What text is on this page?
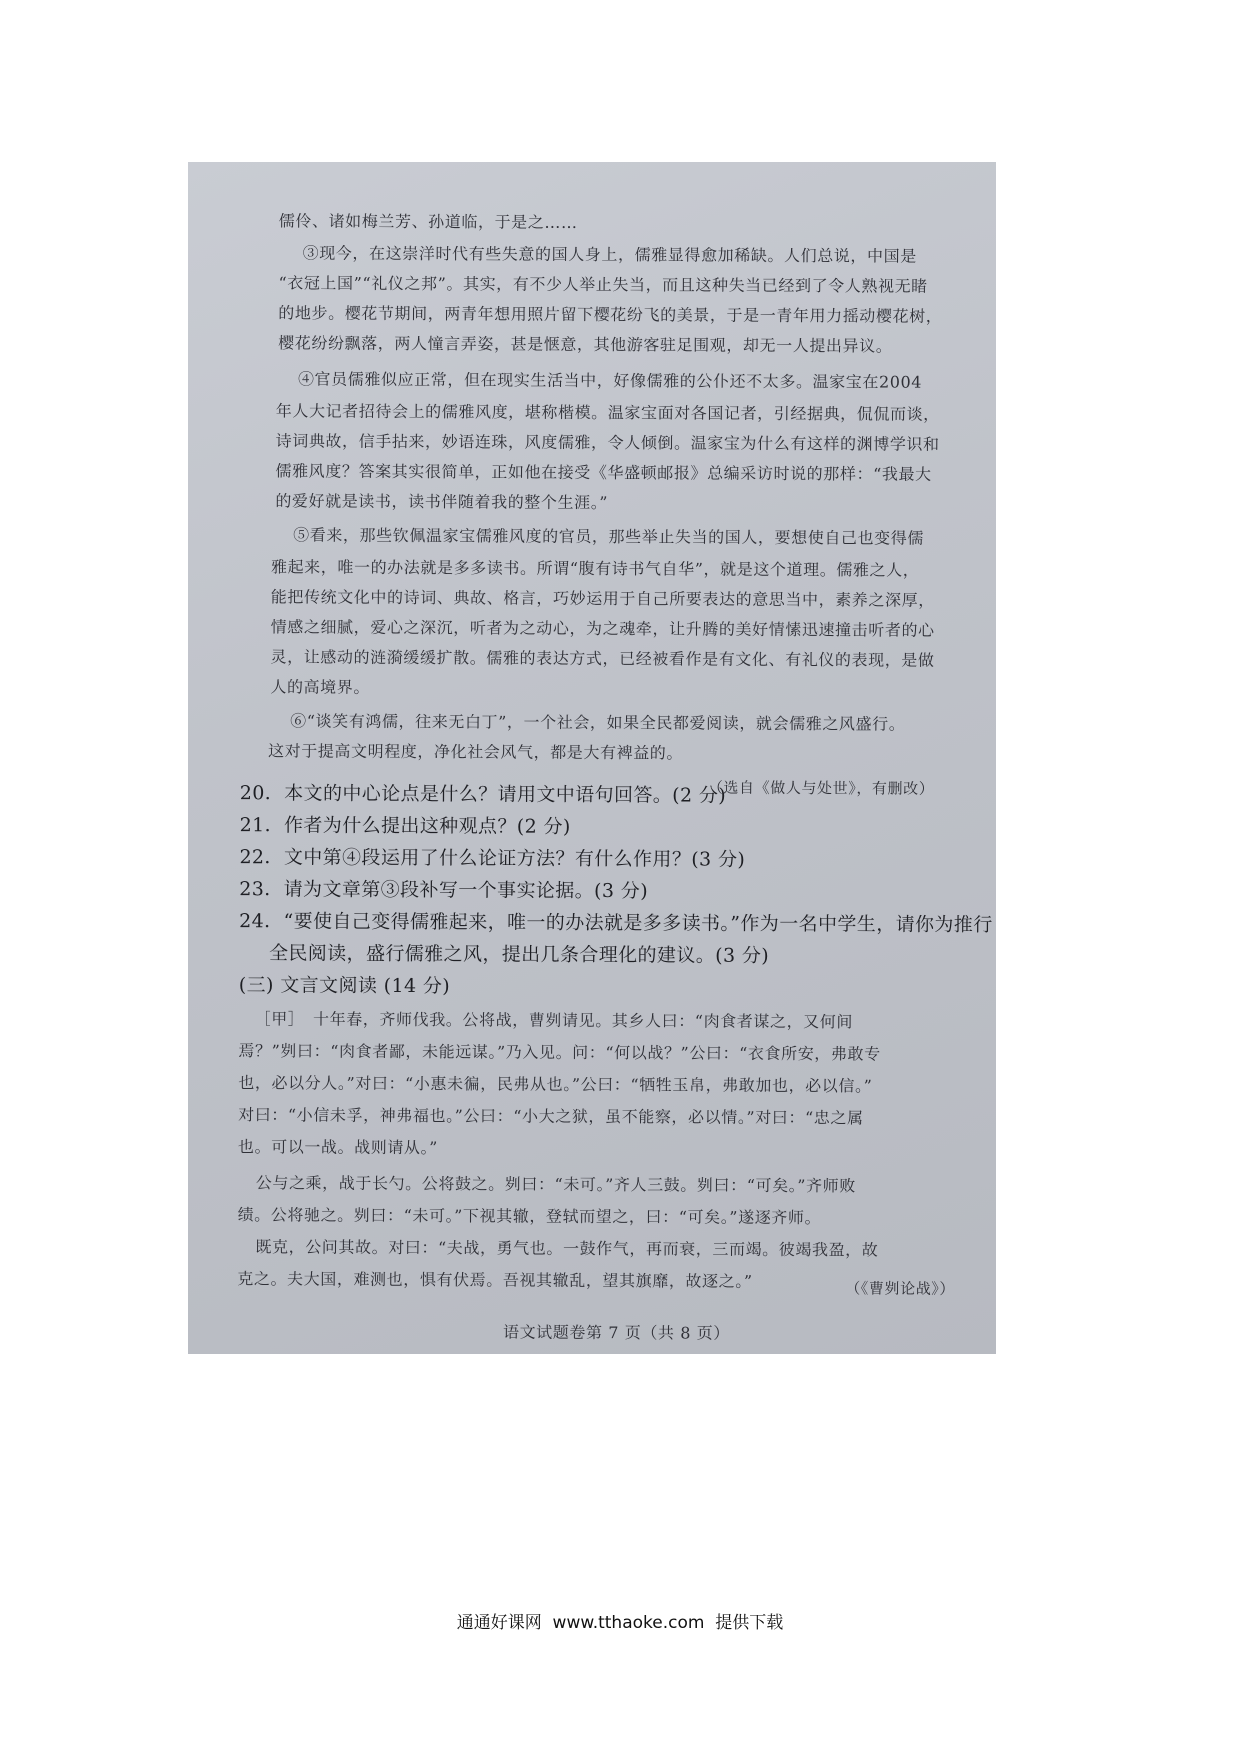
儒伶、诸如梅兰芳、孙道临，于是之……
③现今，在这崇洋时代有些失意的国人身上，儒雅显得愈加稀缺。人们总说，中国是
“衣冠上国”“礼仪之邦”。其实，有不少人举止失当，而且这种失当已经到了令人熟视无睹
的地步。樱花节期间，两青年想用照片留下樱花纷飞的美景，于是一青年用力摇动樱花树，
樱花纷纷飘落，两人憧言弄姿，甚是惬意，其他游客驻足围观，却无一人提出异议。
④官员儒雅似应正常，但在现实生活当中，好像儒雅的公仆还不太多。温家宝在2004
年人大记者招待会上的儒雅风度，堪称楷模。温家宝面对各国记者，引经据典，侃侃而谈，
诗词典故，信手拈来，妙语连珠，风度儒雅，令人倾倒。温家宝为什么有这样的渊博学识和
儒雅风度？答案其实很简单，正如他在接受《华盛顿邮报》总编采访时说的那样：“我最大
的爱好就是读书，读书伴随着我的整个生涯。”
⑤看来，那些钦佩温家宝儒雅风度的官员，那些举止失当的国人，要想使自己也变得儒
雅起来，唯一的办法就是多多读书。所谓“腹有诗书气自华”，就是这个道理。儒雅之人，
能把传统文化中的诗词、典故、格言，巧妙运用于自己所要表达的意思当中，素养之深厚，
情感之细腻，爱心之深沉，听者为之动心，为之魂牵，让升腾的美好情愫迅速撞击听者的心
灵，让感动的涟漪缓缓扩散。儒雅的表达方式，已经被看作是有文化、有礼仪的表现，是做
人的高境界。
⑥“谈笑有鸿儒，往来无白丁”，一个社会，如果全民都爱阅读，就会儒雅之风盛行。
这对于提高文明程度，净化社会风气，都是大有裨益的。
（选自《做人与处世》，有删改）
20．本文的中心论点是什么？请用文中语句回答。(2 分)
21．作者为什么提出这种观点？(2 分)
22．文中第④段运用了什么论证方法？有什么作用？(3 分)
23．请为文章第③段补写一个事实论据。(3 分)
24．“要使自己变得儒雅起来，唯一的办法就是多多读书。”作为一名中学生，请你为推行
全民阅读，盛行儒雅之风，提出几条合理化的建议。(3 分)
(三) 文言文阅读 (14 分)
［甲］　十年春，齐师伐我。公将战，曹刿请见。其乡人曰：“肉食者谋之，又何间
焉？”刿曰：“肉食者鄙，未能远谋。”乃入见。问：“何以战？”公曰：“衣食所安，弗敢专
也，必以分人。”对曰：“小惠未徧，民弗从也。”公曰：“牺牲玉帛，弗敢加也，必以信。”
对曰：“小信未孚，神弗福也。”公曰：“小大之狱，虽不能察，必以情。”对曰：“忠之属
也。可以一战。战则请从。”
公与之乘，战于长勺。公将鼓之。刿曰：“未可。”齐人三鼓。刿曰：“可矣。”齐师败
绩。公将驰之。刿曰：“未可。”下视其辙，登轼而望之，曰：“可矣。”遂逐齐师。
既克，公问其故。对曰：“夫战，勇气也。一鼓作气，再而衰，三而竭。彼竭我盈，故
克之。夫大国，难测也，惧有伏焉。吾视其辙乱，望其旗靡，故逐之。”	（《曹刿论战》）
语文试题卷第 7 页（共 8 页）
通通好课网 www.tthaoke.com 提供下载
